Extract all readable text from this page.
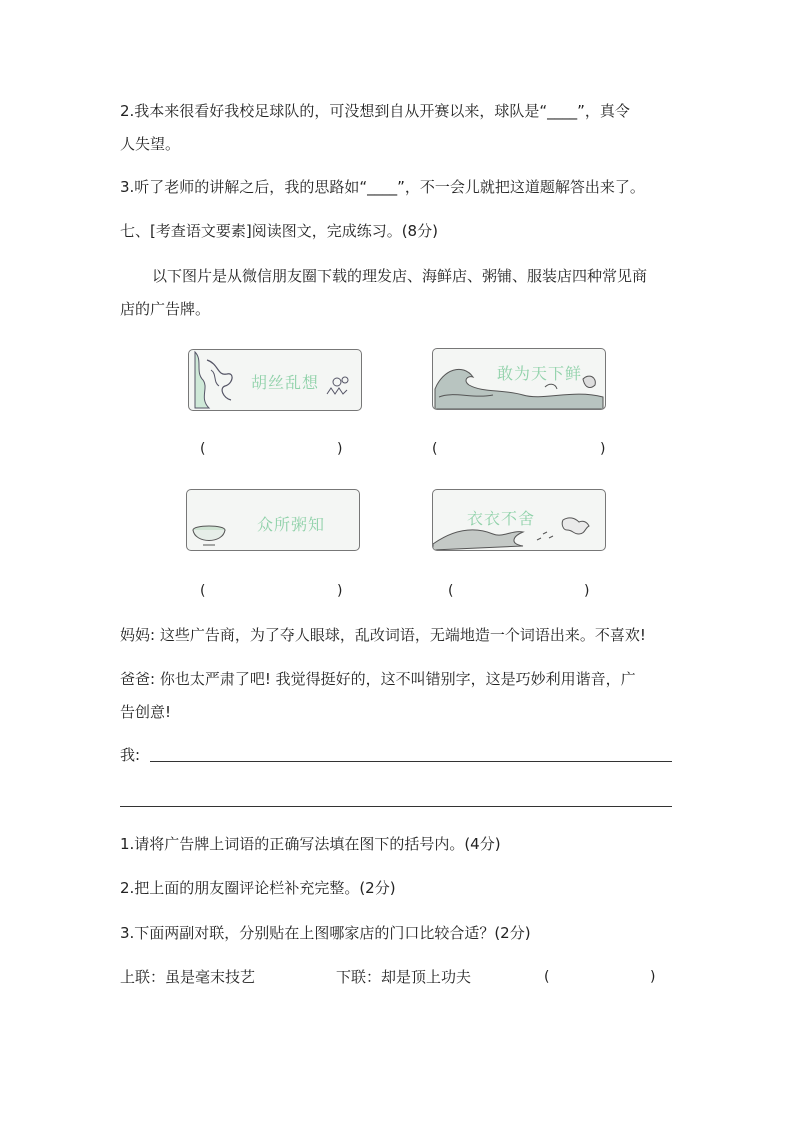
2.我本来很看好我校足球队的，可没想到自从开赛以来，球队是“____”，真令
人失望。
3.听了老师的讲解之后，我的思路如“____”，不一会儿就把这道题解答出来了。
七、[考查语文要素]阅读图文，完成练习。(8分)
以下图片是从微信朋友圈下载的理发店、海鲜店、粥铺、服装店四种常见商
店的广告牌。
胡丝乱想	敢为天下鲜
(	)	(	)
众所粥知	衣衣不舍
(	)	(	)
妈妈: 这些广告商，为了夺人眼球，乱改词语，无端地造一个词语出来。不喜欢!
爸爸: 你也太严肃了吧! 我觉得挺好的，这不叫错别字，这是巧妙利用谐音，广
告创意!
我:
1.请将广告牌上词语的正确写法填在图下的括号内。(4分)
2.把上面的朋友圈评论栏补充完整。(2分)
3.下面两副对联，分别贴在上图哪家店的门口比较合适？(2分)
上联：虽是毫末技艺	下联：却是顶上功夫	(	)
